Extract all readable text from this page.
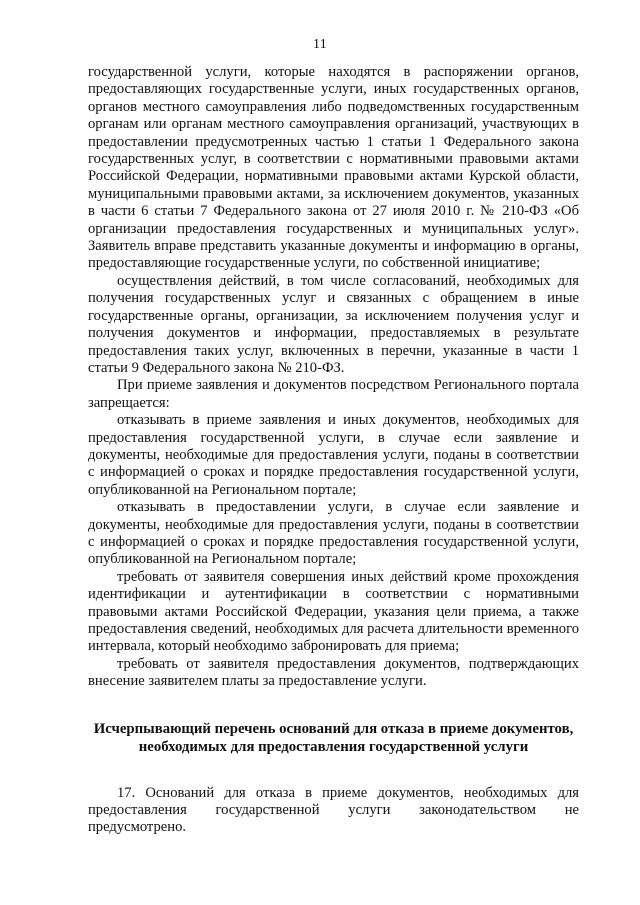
11

государственной услуги, которые находятся в распоряжении органов, предоставляющих государственные услуги, иных государственных органов, органов местного самоуправления либо подведомственных государственным органам или органам местного самоуправления организаций, участвующих в предоставлении предусмотренных частью 1 статьи 1 Федерального закона государственных услуг, в соответствии с нормативными правовыми актами Российской Федерации, нормативными правовыми актами Курской области, муниципальными правовыми актами, за исключением документов, указанных в части 6 статьи 7 Федерального закона от 27 июля 2010 г. № 210-ФЗ «Об организации предоставления государственных и муниципальных услуг». Заявитель вправе представить указанные документы и информацию в органы, предоставляющие государственные услуги, по собственной инициативе;

осуществления действий, в том числе согласований, необходимых для получения государственных услуг и связанных с обращением в иные государственные органы, организации, за исключением получения услуг и получения документов и информации, предоставляемых в результате предоставления таких услуг, включенных в перечни, указанные в части 1 статьи 9 Федерального закона № 210-ФЗ.

При приеме заявления и документов посредством Регионального портала запрещается:

отказывать в приеме заявления и иных документов, необходимых для предоставления государственной услуги, в случае если заявление и документы, необходимые для предоставления услуги, поданы в соответствии с информацией о сроках и порядке предоставления государственной услуги, опубликованной на Региональном портале;

отказывать в предоставлении услуги, в случае если заявление и документы, необходимые для предоставления услуги, поданы в соответствии с информацией о сроках и порядке предоставления государственной услуги, опубликованной на Региональном портале;

требовать от заявителя совершения иных действий кроме прохождения идентификации и аутентификации в соответствии с нормативными правовыми актами Российской Федерации, указания цели приема, а также предоставления сведений, необходимых для расчета длительности временного интервала, который необходимо забронировать для приема;

требовать от заявителя предоставления документов, подтверждающих внесение заявителем платы за предоставление услуги.

Исчерпывающий перечень оснований для отказа в приеме документов, необходимых для предоставления государственной услуги

17. Оснований для отказа в приеме документов, необходимых для предоставления государственной услуги законодательством не предусмотрено.
